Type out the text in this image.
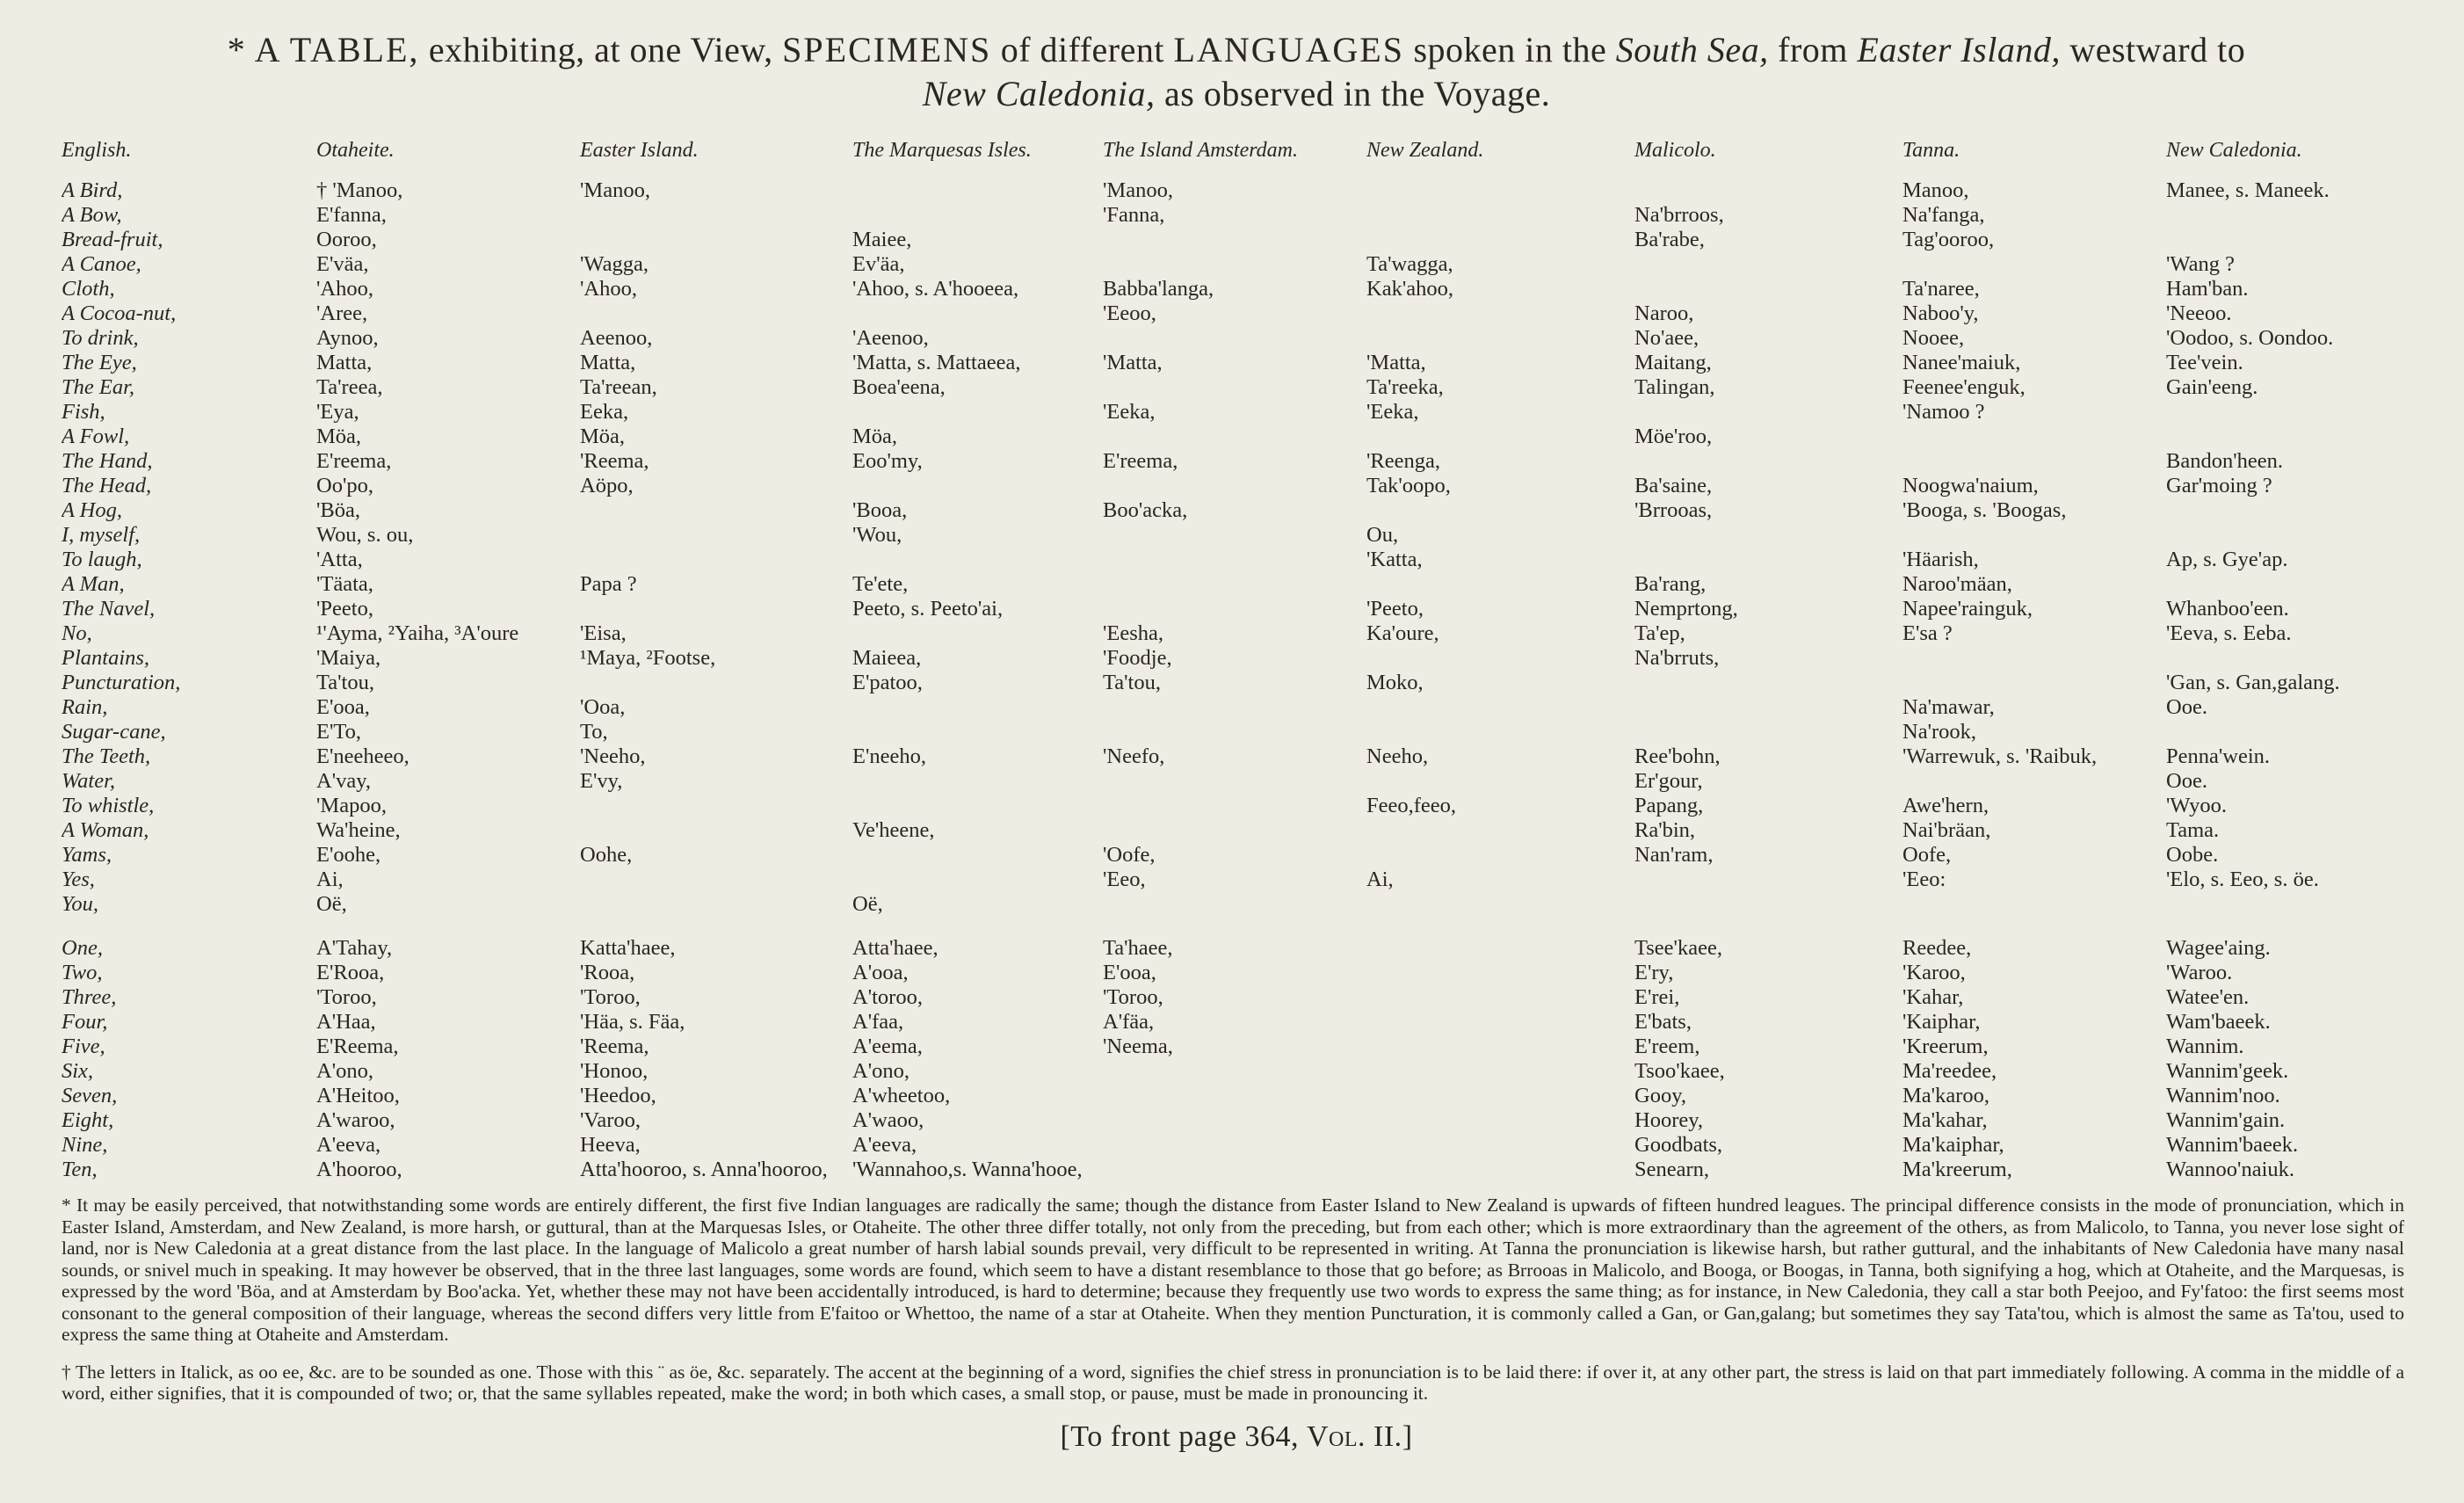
* A TABLE, exhibiting, at one View, SPECIMENS of different LANGUAGES spoken in the South Sea, from Easter Island, westward to
New Caledonia, as observed in the Voyage.
English.	Otaheite.	Easter Island.	The Marquesas Isles.	The Island Amsterdam.	New Zealand.	Malicolo.	Tanna.	New Caledonia.
A Bird,	† 'Manoo,	'Manoo,		'Manoo,			Manoo,	Manee, s. Maneek.
A Bow,	E'fanna,			'Fanna,		Na'brroos,	Na'fanga,	
Bread-fruit,	Ooroo,		Maiee,			Ba'rabe,	Tag'ooroo,	
A Canoe,	E'väa,	'Wagga,	Ev'äa,		Ta'wagga,			'Wang ?
Cloth,	'Ahoo,	'Ahoo,	'Ahoo, s. A'hooeea,	Babba'langa,	Kak'ahoo,		Ta'naree,	Ham'ban.
A Cocoa-nut,	'Aree,			'Eeoo,		Naroo,	Naboo'y,	'Neeoo.
To drink,	Aynoo,	Aeenoo,	'Aeenoo,			No'aee,	Nooee,	'Oodoo, s. Oondoo.
The Eye,	Matta,	Matta,	'Matta, s. Mattaeea,	'Matta,	'Matta,	Maitang,	Nanee'maiuk,	Tee'vein.
The Ear,	Ta'reea,	Ta'reean,	Boea'eena,		Ta'reeka,	Talingan,	Feenee'enguk,	Gain'eeng.
Fish,	'Eya,	Eeka,		'Eeka,	'Eeka,		'Namoo ?	
A Fowl,	Möa,	Möa,	Möa,			Möe'roo,		
The Hand,	E'reema,	'Reema,	Eoo'my,	E'reema,	'Reenga,			Bandon'heen.
The Head,	Oo'po,	Aöpo,			Tak'oopo,	Ba'saine,	Noogwa'naium,	Gar'moing ?
A Hog,	'Böa,		'Booa,	Boo'acka,		'Brrooas,	'Booga, s. 'Boogas,	
I, myself,	Wou, s. ou,		'Wou,		Ou,			
To laugh,	'Atta,				'Katta,		'Häarish,	Ap, s. Gye'ap.
A Man,	'Täata,	Papa ?	Te'ete,			Ba'rang,	Naroo'mäan,	
The Navel,	'Peeto,		Peeto, s. Peeto'ai,		'Peeto,	Nemprtong,	Napee'rainguk,	Whanboo'een.
No,	¹'Ayma, ²Yaiha, ³A'oure	'Eisa,		'Eesha,	Ka'oure,	Ta'ep,	E'sa ?	'Eeva, s. Eeba.
Plantains,	'Maiya,	¹Maya, ²Footse,	Maieea,	'Foodje,		Na'brruts,		
Puncturation,	Ta'tou,		E'patoo,	Ta'tou,	Moko,			'Gan, s. Gan,galang.
Rain,	E'ooa,	'Ooa,					Na'mawar,	Ooe.
Sugar-cane,	E'To,	To,					Na'rook,	
The Teeth,	E'neeheeo,	'Neeho,	E'neeho,	'Neefo,	Neeho,	Ree'bohn,	'Warrewuk, s. 'Raibuk,	Penna'wein.
Water,	A'vay,	E'vy,				Er'gour,		Ooe.
To whistle,	'Mapoo,				Feeo,feeo,	Papang,	Awe'hern,	'Wyoo.
A Woman,	Wa'heine,		Ve'heene,			Ra'bin,	Nai'bräan,	Tama.
Yams,	E'oohe,	Oohe,		'Oofe,		Nan'ram,	Oofe,	Oobe.
Yes,	Ai,			'Eeo,	Ai,		'Eeo:	'Elo, s. Eeo, s. öe.
You,	Oë,		Oë,					

One,	A'Tahay,	Katta'haee,	Atta'haee,	Ta'haee,		Tsee'kaee,	Reedee,	Wagee'aing.
Two,	E'Rooa,	'Rooa,	A'ooa,	E'ooa,		E'ry,	'Karoo,	'Waroo.
Three,	'Toroo,	'Toroo,	A'toroo,	'Toroo,		E'rei,	'Kahar,	Watee'en.
Four,	A'Haa,	'Häa, s. Fäa,	A'faa,	A'fäa,		E'bats,	'Kaiphar,	Wam'baeek.
Five,	E'Reema,	'Reema,	A'eema,	'Neema,		E'reem,	'Kreerum,	Wannim.
Six,	A'ono,	'Honoo,	A'ono,			Tsoo'kaee,	Ma'reedee,	Wannim'geek.
Seven,	A'Heitoo,	'Heedoo,	A'wheetoo,			Gooy,	Ma'karoo,	Wannim'noo.
Eight,	A'waroo,	'Varoo,	A'waoo,			Hoorey,	Ma'kahar,	Wannim'gain.
Nine,	A'eeva,	Heeva,	A'eeva,			Goodbats,	Ma'kaiphar,	Wannim'baeek.
Ten,	A'hooroo,	Atta'hooroo, s. Anna'hooroo,	'Wannahoo,s. Wanna'hooe,			Senearn,	Ma'kreerum,	Wannoo'naiuk.

* It may be easily perceived, that notwithstanding some words are entirely different, the first five Indian languages are radically the same; though the distance from Easter Island to New Zealand is upwards of fifteen hundred leagues. The principal difference consists in the mode of pronunciation, which in Easter Island, Amsterdam, and New Zealand, is more harsh, or guttural, than at the Marquesas Isles, or Otaheite. The other three differ totally, not only from the preceding, but from each other; which is more extraordinary than the agreement of the others, as from Malicolo, to Tanna, you never lose sight of land, nor is New Caledonia at a great distance from the last place. In the language of Malicolo a great number of harsh labial sounds prevail, very difficult to be represented in writing. At Tanna the pronunciation is likewise harsh, but rather guttural, and the inhabitants of New Caledonia have many nasal sounds, or snivel much in speaking. It may however be observed, that in the three last languages, some words are found, which seem to have a distant resemblance to those that go before; as Brrooas in Malicolo, and Booga, or Boogas, in Tanna, both signifying a hog, which at Otaheite, and the Marquesas, is expressed by the word 'Böa, and at Amsterdam by Boo'acka. Yet, whether these may not have been accidentally introduced, is hard to determine; because they frequently use two words to express the same thing; as for instance, in New Caledonia, they call a star both Peejoo, and Fy'fatoo: the first seems most consonant to the general composition of their language, whereas the second differs very little from E'faitoo or Whettoo, the name of a star at Otaheite. When they mention Puncturation, it is commonly called a Gan, or Gan,galang; but sometimes they say Tata'tou, which is almost the same as Ta'tou, used to express the same thing at Otaheite and Amsterdam.

† The letters in Italick, as oo ee, &c. are to be sounded as one. Those with this ¨ as öe, &c. separately. The accent at the beginning of a word, signifies the chief stress in pronunciation is to be laid there: if over it, at any other part, the stress is laid on that part immediately following. A comma in the middle of a word, either signifies, that it is compounded of two; or, that the same syllables repeated, make the word; in both which cases, a small stop, or pause, must be made in pronouncing it.

[To front page 364, Vol. II.]
